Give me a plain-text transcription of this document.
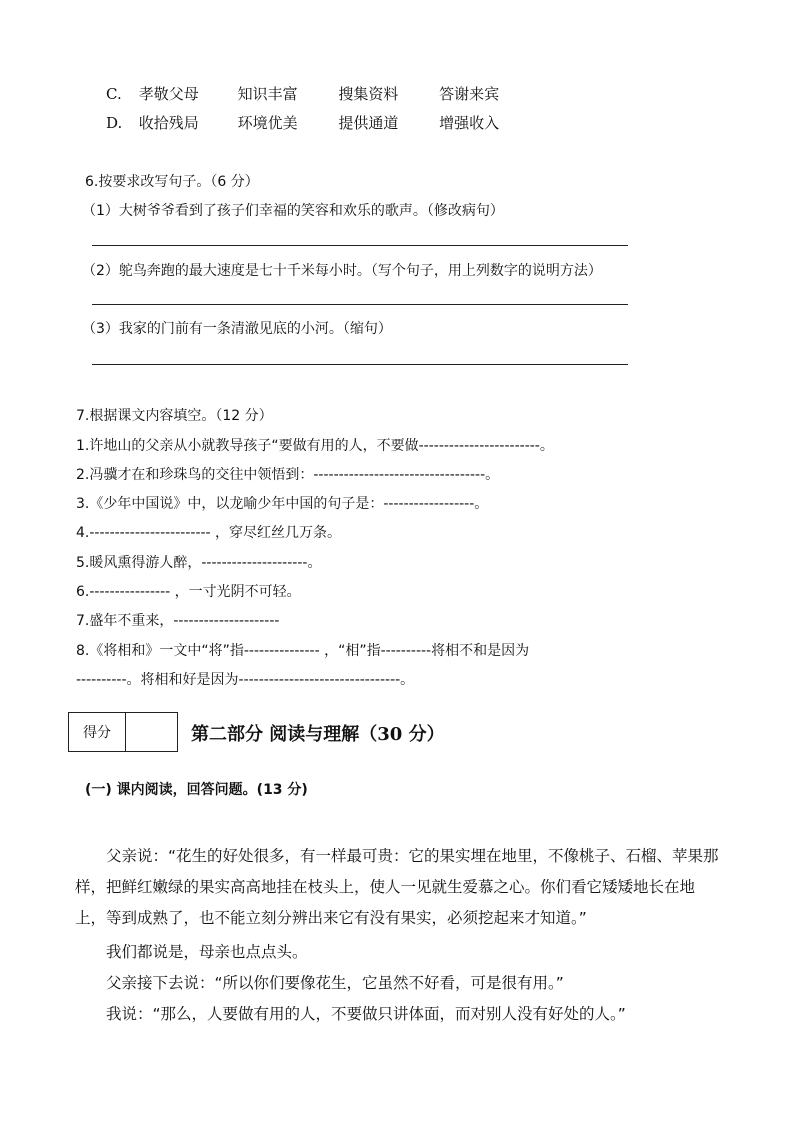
C. 孝敬父母	知识丰富	搜集资料	答谢来宾
D. 收拾残局	环境优美	提供通道	增强收入
6.按要求改写句子。（6 分）
（1）大树爷爷看到了孩子们幸福的笑容和欢乐的歌声。（修改病句）
（2）鸵鸟奔跑的最大速度是七十千米每小时。（写个句子，用上列数字的说明方法）
（3）我家的门前有一条清澈见底的小河。（缩句）
7.根据课文内容填空。（12 分）
1.许地山的父亲从小就教导孩子“要做有用的人，不要做------------------------。
2.冯骥才在和珍珠鸟的交往中领悟到：----------------------------------。
3.《少年中国说》中，以龙喻少年中国的句子是：------------------。
4.------------------------ ，穿尽红丝几万条。
5.暖风熏得游人醉，---------------------。
6.---------------- ，一寸光阴不可轻。
7.盛年不重来，---------------------
8.《将相和》一文中“将”指--------------- ，“相”指----------将相不和是因为
----------。将相和好是因为--------------------------------。
得分	第二部分 阅读与理解（30 分）
(一) 课内阅读，回答问题。(13 分)
父亲说：“花生的好处很多，有一样最可贵：它的果实埋在地里，不像桃子、石榴、苹果那样，把鲜红嫩绿的果实高高地挂在枝头上，使人一见就生爱慕之心。你们看它矮矮地长在地上，等到成熟了，也不能立刻分辨出来它有没有果实，必须挖起来才知道。”
我们都说是，母亲也点点头。
父亲接下去说：“所以你们要像花生，它虽然不好看，可是很有用。”
我说：“那么，人要做有用的人，不要做只讲体面，而对别人没有好处的人。”
